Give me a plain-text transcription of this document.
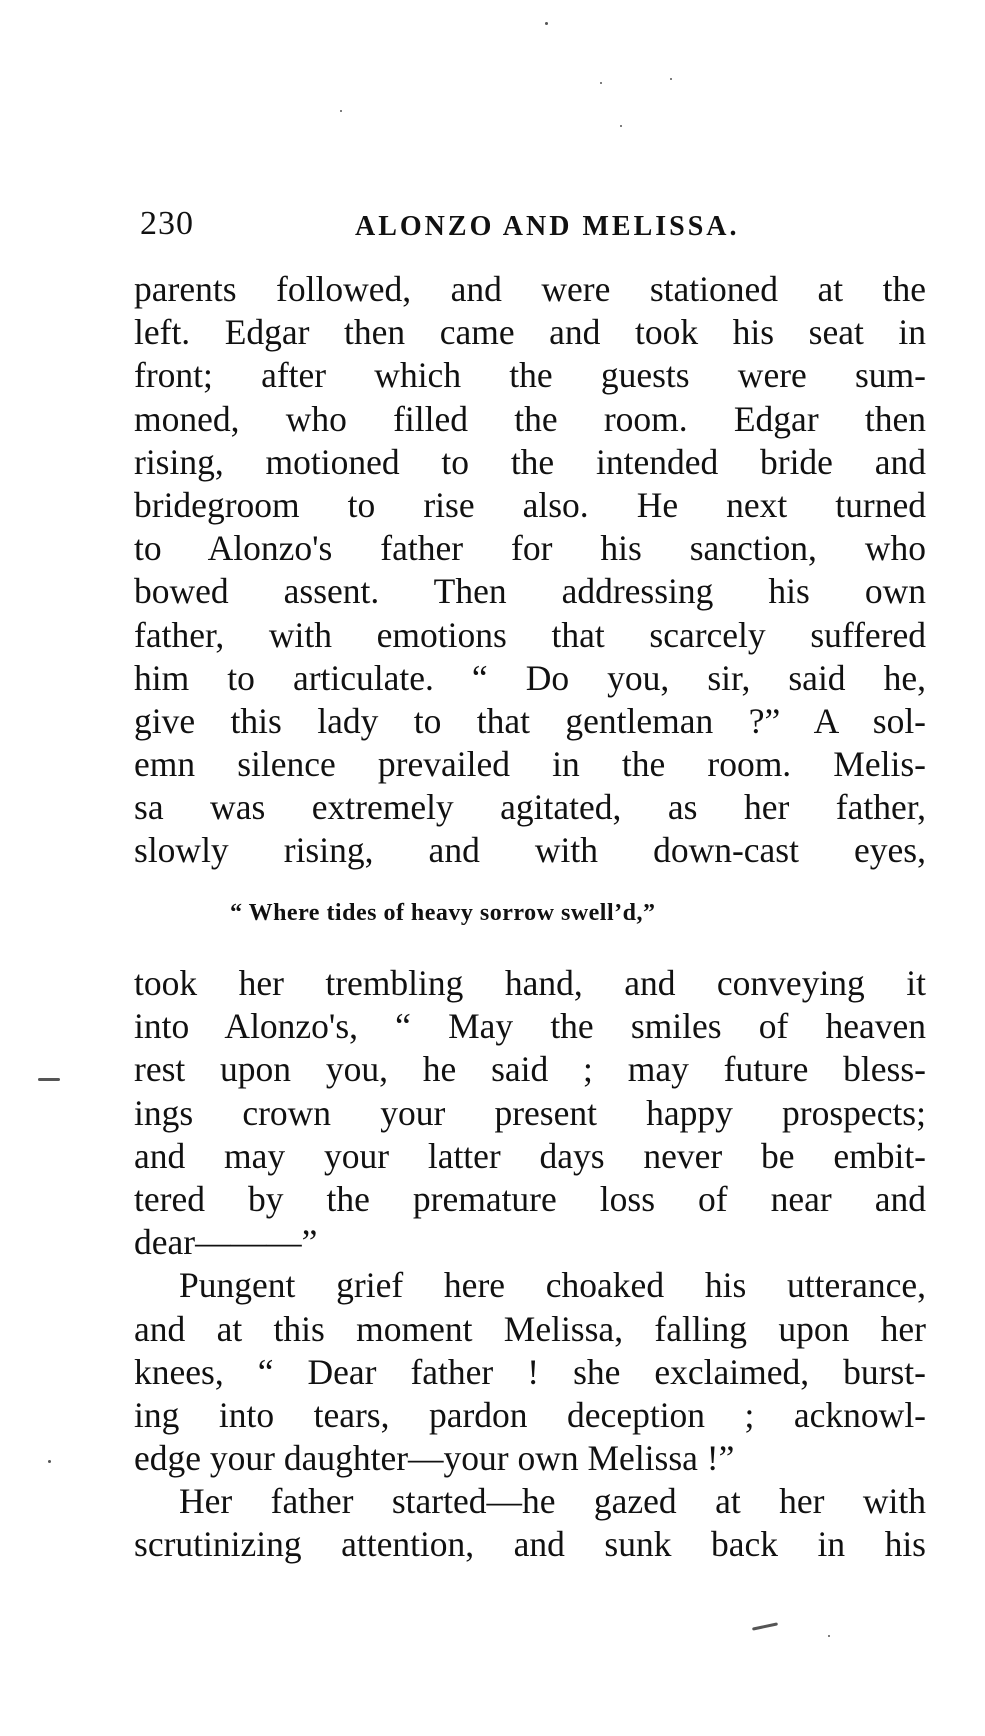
230	ALONZO AND MELISSA.
parents followed, and were stationed at the
left. Edgar then came and took his seat in
front; after which the guests were sum-
moned, who filled the room. Edgar then
rising, motioned to the intended bride and
bridegroom to rise also. He next turned
to Alonzo's father for his sanction, who
bowed assent. Then addressing his own
father, with emotions that scarcely suffered
him to articulate. “ Do you, sir, said he,
give this lady to that gentleman ?” A sol-
emn silence prevailed in the room. Melis-
sa was extremely agitated, as her father,
slowly rising, and with down-cast eyes,
“ Where tides of heavy sorrow swell’d,”
took her trembling hand, and conveying it
into Alonzo's, “ May the smiles of heaven
rest upon you, he said ; may future bless-
ings crown your present happy prospects;
and may your latter days never be embit-
tered by the premature loss of near and
dear———”
Pungent grief here choaked his utterance,
and at this moment Melissa, falling upon her
knees, “ Dear father ! she exclaimed, burst-
ing into tears, pardon deception ; acknowl-
edge your daughter—your own Melissa !”
Her father started—he gazed at her with
scrutinizing attention, and sunk back in his
